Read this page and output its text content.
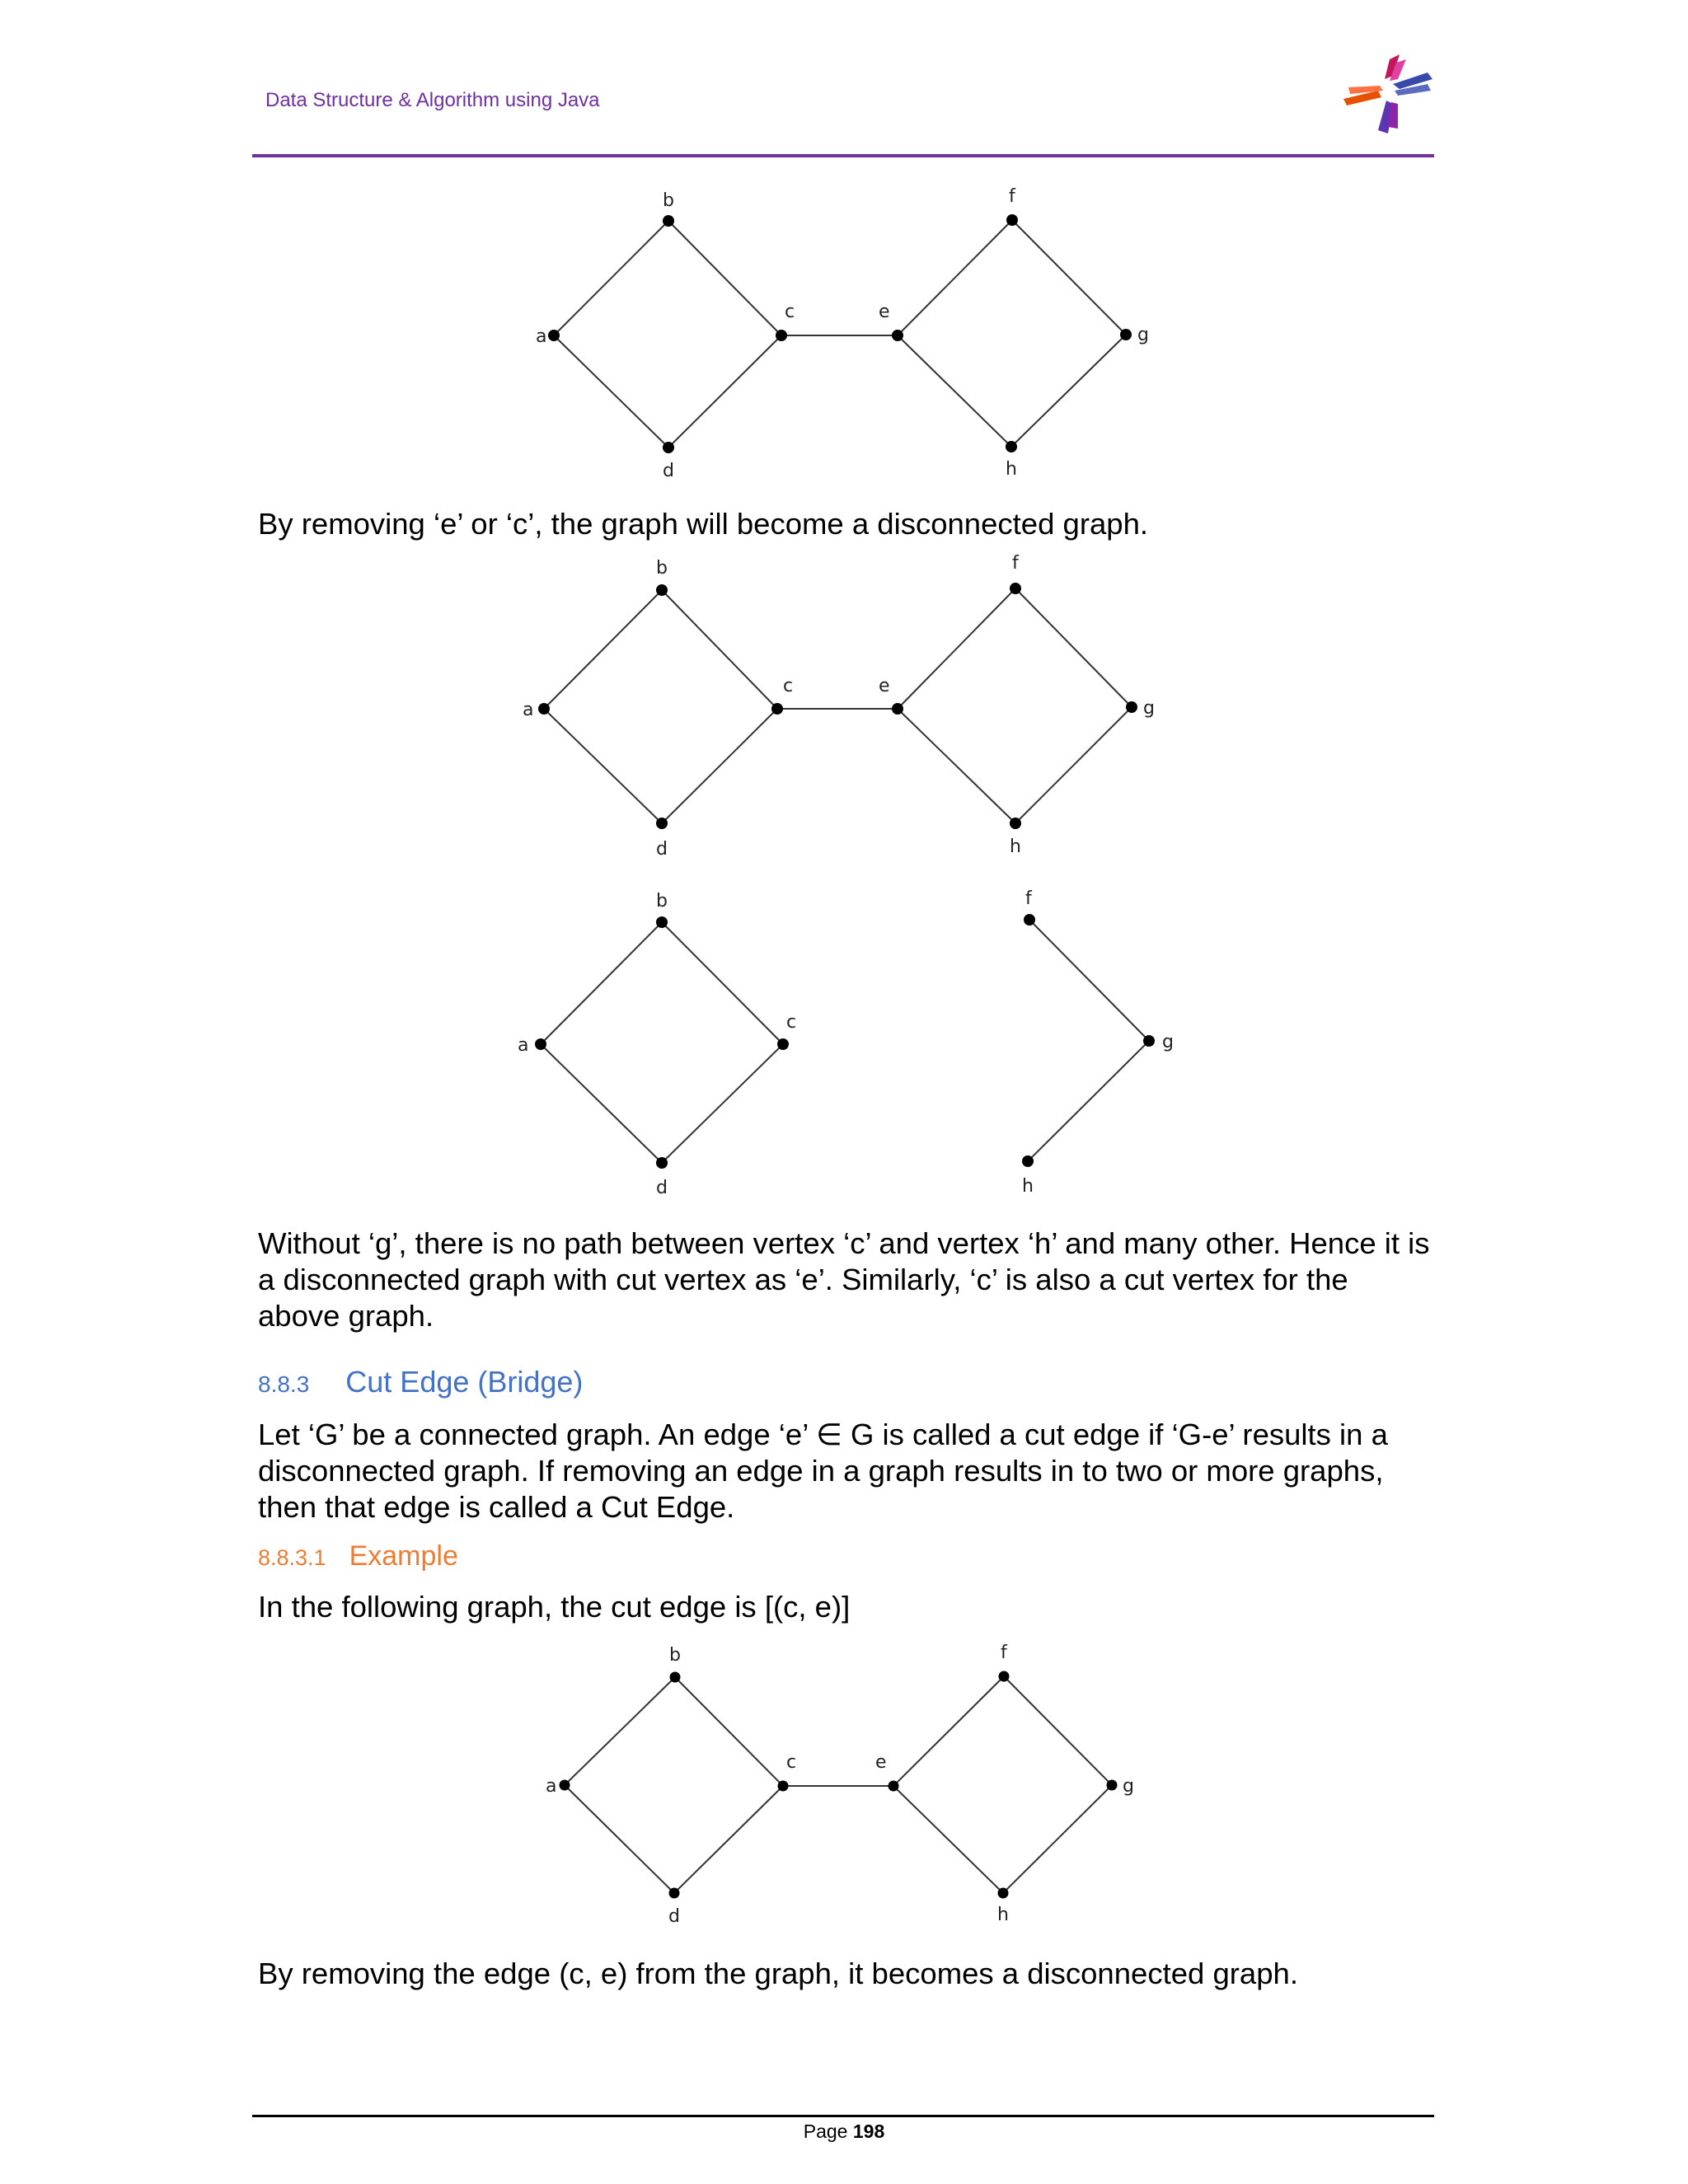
Data Structure & Algorithm using Java
a
b
c
d
e
f
g
h
By removing ‘e’ or ‘c’, the graph will become a disconnected graph.
a
b
c
d
e
f
g
h
a
b
c
d
f
g
h
Without ‘g’, there is no path between vertex ‘c’ and vertex ‘h’ and many other. Hence it is a disconnected graph with cut vertex as ‘e’. Similarly, ‘c’ is also a cut vertex for the above graph.
8.8.3 Cut Edge (Bridge)
Let ‘G’ be a connected graph. An edge ‘e’ ∈ G is called a cut edge if ‘G-e’ results in a disconnected graph. If removing an edge in a graph results in to two or more graphs, then that edge is called a Cut Edge.
8.8.3.1 Example
In the following graph, the cut edge is [(c, e)]
a
b
c
d
e
f
g
h
By removing the edge (c, e) from the graph, it becomes a disconnected graph.
Page 198
